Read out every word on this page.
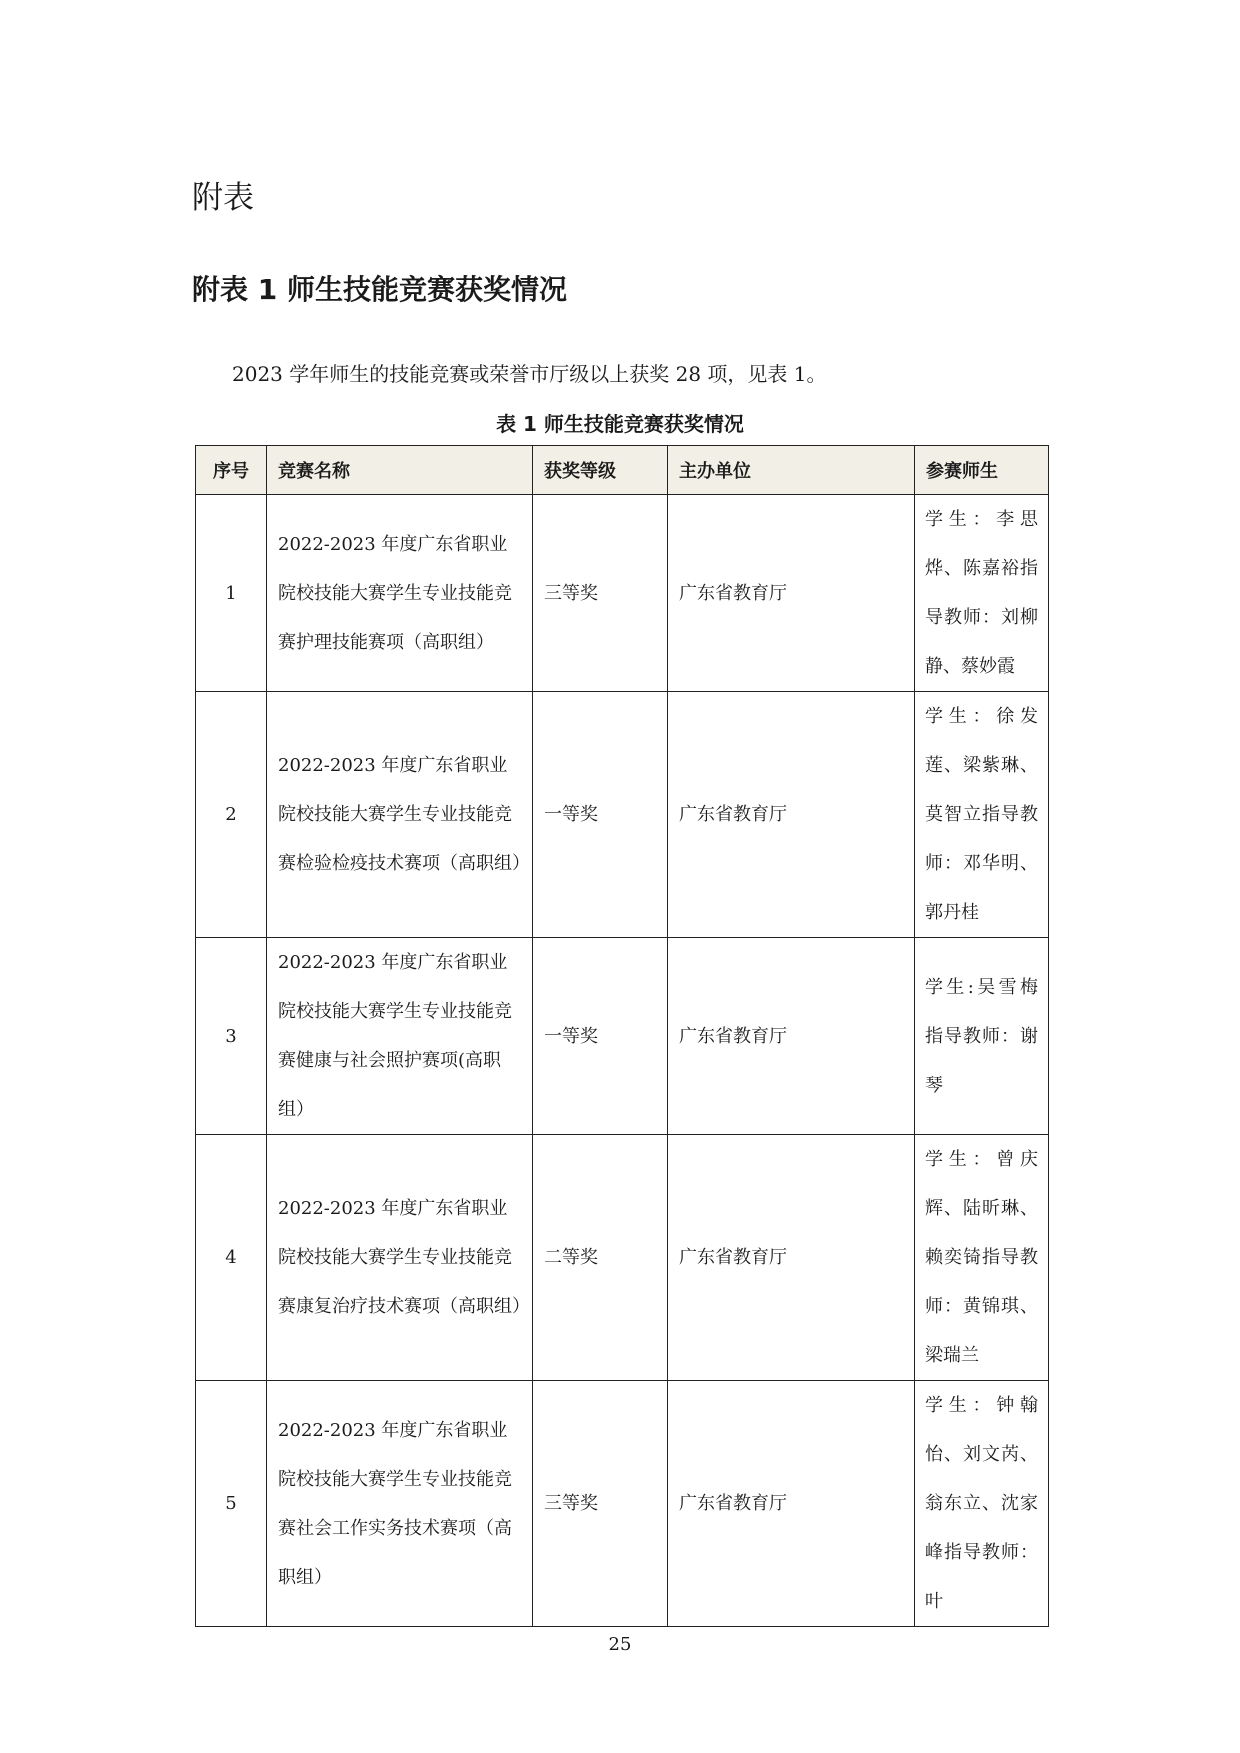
附表
附表 1 师生技能竞赛获奖情况

2023 学年师生的技能竞赛或荣誉市厅级以上获奖 28 项，见表 1。

表 1 师生技能竞赛获奖情况

序号	竞赛名称	获奖等级	主办单位	参赛师生
1	2022-2023 年度广东省职业院校技能大赛学生专业技能竞赛护理技能赛项（高职组）	三等奖	广东省教育厅	学生：李思烨、陈嘉裕指导教师：刘柳静、蔡妙霞
2	2022-2023 年度广东省职业院校技能大赛学生专业技能竞赛检验检疫技术赛项（高职组）	一等奖	广东省教育厅	学生：徐发莲、梁紫琳、莫智立指导教师：邓华明、郭丹桂
3	2022-2023 年度广东省职业院校技能大赛学生专业技能竞赛健康与社会照护赛项(高职组）	一等奖	广东省教育厅	学生:吴雪梅指导教师：谢琴
4	2022-2023 年度广东省职业院校技能大赛学生专业技能竞赛康复治疗技术赛项（高职组）	二等奖	广东省教育厅	学生：曾庆辉、陆昕琳、赖奕锜指导教师：黄锦琪、梁瑞兰
5	2022-2023 年度广东省职业院校技能大赛学生专业技能竞赛社会工作实务技术赛项（高职组）	三等奖	广东省教育厅	学生：钟翰怡、刘文芮、翁东立、沈家峰指导教师：叶

25
